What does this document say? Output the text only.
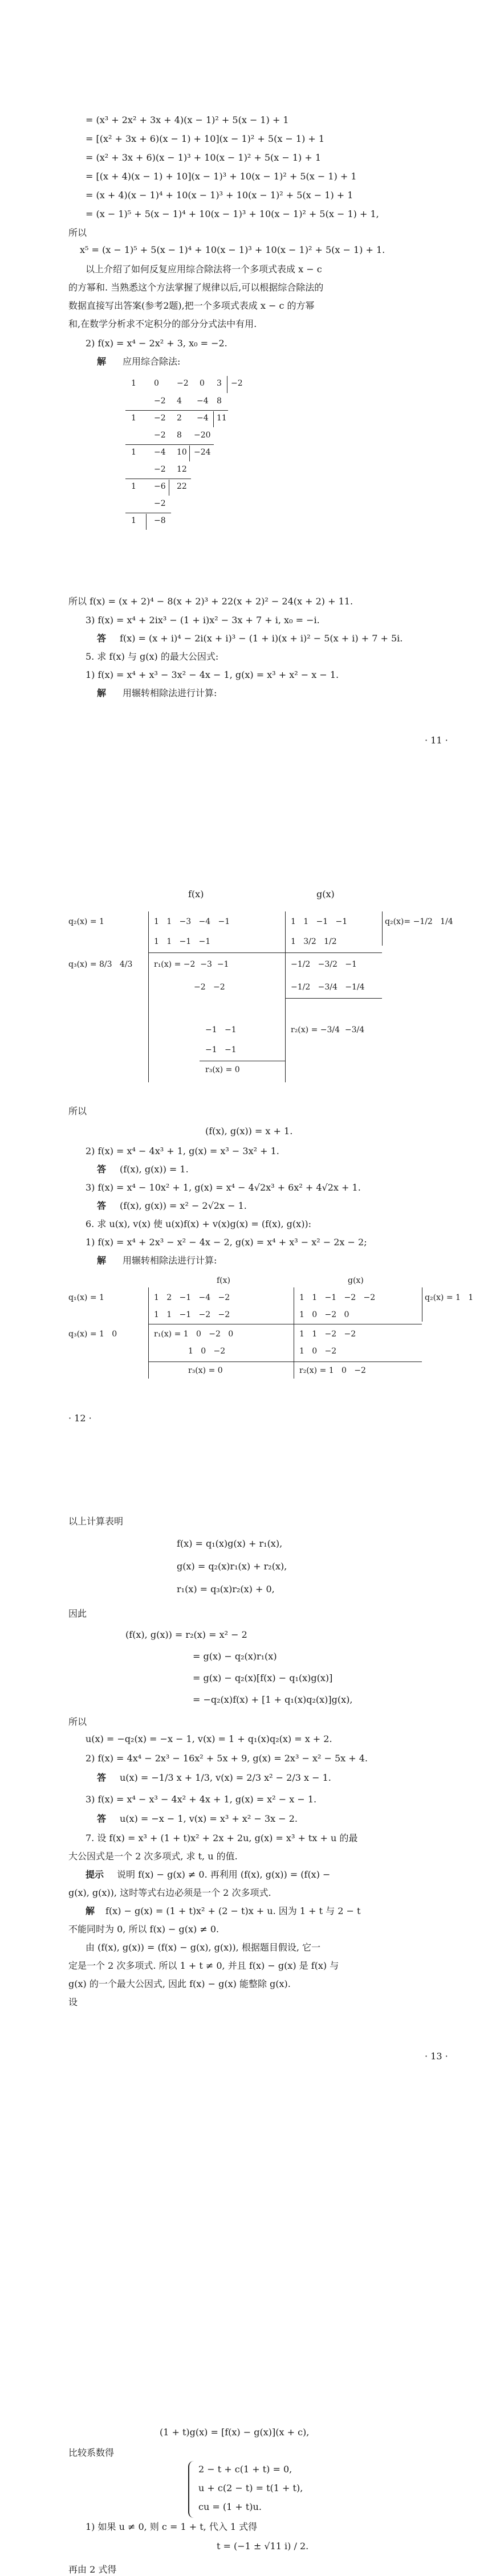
= (x³ + 2x² + 3x + 4)(x − 1)² + 5(x − 1) + 1
= [(x² + 3x + 6)(x − 1) + 10](x − 1)² + 5(x − 1) + 1
= (x² + 3x + 6)(x − 1)³ + 10(x − 1)² + 5(x − 1) + 1
= [(x + 4)(x − 1) + 10](x − 1)³ + 10(x − 1)² + 5(x − 1) + 1
= (x + 4)(x − 1)⁴ + 10(x − 1)³ + 10(x − 1)² + 5(x − 1) + 1
= (x − 1)⁵ + 5(x − 1)⁴ + 10(x − 1)³ + 10(x − 1)² + 5(x − 1) + 1,
所以
x⁵ = (x − 1)⁵ + 5(x − 1)⁴ + 10(x − 1)³ + 10(x − 1)² + 5(x − 1) + 1.
以上介绍了如何反复应用综合除法将一个多项式表成 x − c
的方幂和. 当熟悉这个方法掌握了规律以后,可以根据综合除法的
数据直接写出答案(参考2题),把一个多项式表成 x − c 的方幂
和,在数学分析求不定积分的部分分式法中有用.
2) f(x) = x⁴ − 2x² + 3, x₀ = −2.
解 应用综合除法:
1 0 −2 0 3 −2
−2 4 −4 8
1 −2 2 −4 11
−2 8 −20
1 −4 10 −24
−2 12
1 −6 22
−2
1 −8
所以 f(x) = (x + 2)⁴ − 8(x + 2)³ + 22(x + 2)² − 24(x + 2) + 11.
3) f(x) = x⁴ + 2ix³ − (1 + i)x² − 3x + 7 + i, x₀ = −i.
答 f(x) = (x + i)⁴ − 2i(x + i)³ − (1 + i)(x + i)² − 5(x + i) + 7 + 5i.
5. 求 f(x) 与 g(x) 的最大公因式:
1) f(x) = x⁴ + x³ − 3x² − 4x − 1, g(x) = x³ + x² − x − 1.
解 用辗转相除法进行计算:
· 11 ·
f(x)	g(x)
q₂(x) = 1	1   1   −3   −4   −1	1   1   −1   −1	q₂(x)= −1/2   1/4
1   1   −1   −1	1   3/2   1/2
q₃(x) = 8/3   4/3	r₁(x) = −2  −3  −1	−1/2   −3/2   −1
−2   −2	−1/2   −3/4   −1/4
−1   −1	r₂(x) = −3/4  −3/4
−1   −1
r₃(x) = 0
所以
(f(x), g(x)) = x + 1.
2) f(x) = x⁴ − 4x³ + 1, g(x) = x³ − 3x² + 1.
答 (f(x), g(x)) = 1.
3) f(x) = x⁴ − 10x² + 1, g(x) = x⁴ − 4√2x³ + 6x² + 4√2x + 1.
答 (f(x), g(x)) = x² − 2√2x − 1.
6. 求 u(x), v(x) 使 u(x)f(x) + v(x)g(x) = (f(x), g(x)):
1) f(x) = x⁴ + 2x³ − x² − 4x − 2, g(x) = x⁴ + x³ − x² − 2x − 2;
解 用辗转相除法进行计算:
f(x)	g(x)
q₁(x) = 1	1   2   −1   −4   −2	1   1   −1   −2   −2	q₂(x) = 1   1
1   1   −1   −2   −2	1   0   −2   0
q₃(x) = 1   0	r₁(x) = 1   0   −2   0	1   1   −2   −2
1   0   −2	1   0   −2
r₃(x) = 0	r₂(x) = 1   0   −2
· 12 ·
以上计算表明
f(x) = q₁(x)g(x) + r₁(x),
g(x) = q₂(x)r₁(x) + r₂(x),
r₁(x) = q₃(x)r₂(x) + 0,
因此
(f(x), g(x)) = r₂(x) = x² − 2
= g(x) − q₂(x)r₁(x)
= g(x) − q₂(x)[f(x) − q₁(x)g(x)]
= −q₂(x)f(x) + [1 + q₁(x)q₂(x)]g(x),
所以
u(x) = −q₂(x) = −x − 1, v(x) = 1 + q₁(x)q₂(x) = x + 2.
2) f(x) = 4x⁴ − 2x³ − 16x² + 5x + 9, g(x) = 2x³ − x² − 5x + 4.
答 u(x) = −1/3 x + 1/3, v(x) = 2/3 x² − 2/3 x − 1.
3) f(x) = x⁴ − x³ − 4x² + 4x + 1, g(x) = x² − x − 1.
答 u(x) = −x − 1, v(x) = x³ + x² − 3x − 2.
7. 设 f(x) = x³ + (1 + t)x² + 2x + 2u, g(x) = x³ + tx + u 的最
大公因式是一个 2 次多项式, 求 t, u 的值.
提示 说明 f(x) − g(x) ≠ 0. 再利用 (f(x), g(x)) = (f(x) −
g(x), g(x)), 这时等式右边必须是一个 2 次多项式.
解 f(x) − g(x) = (1 + t)x² + (2 − t)x + u. 因为 1 + t 与 2 − t
不能同时为 0, 所以 f(x) − g(x) ≠ 0.
由 (f(x), g(x)) = (f(x) − g(x), g(x)), 根据题目假设, 它一
定是一个 2 次多项式. 所以 1 + t ≠ 0, 并且 f(x) − g(x) 是 f(x) 与
g(x) 的一个最大公因式, 因此 f(x) − g(x) 能整除 g(x).
设
· 13 ·
(1 + t)g(x) = [f(x) − g(x)](x + c),
比较系数得
2 − t + c(1 + t) = 0,
u + c(2 − t) = t(1 + t),
cu = (1 + t)u.
1) 如果 u ≠ 0, 则 c = 1 + t, 代入 1 式得
t = (−1 ± √11 i) / 2.
再由 2 式得
